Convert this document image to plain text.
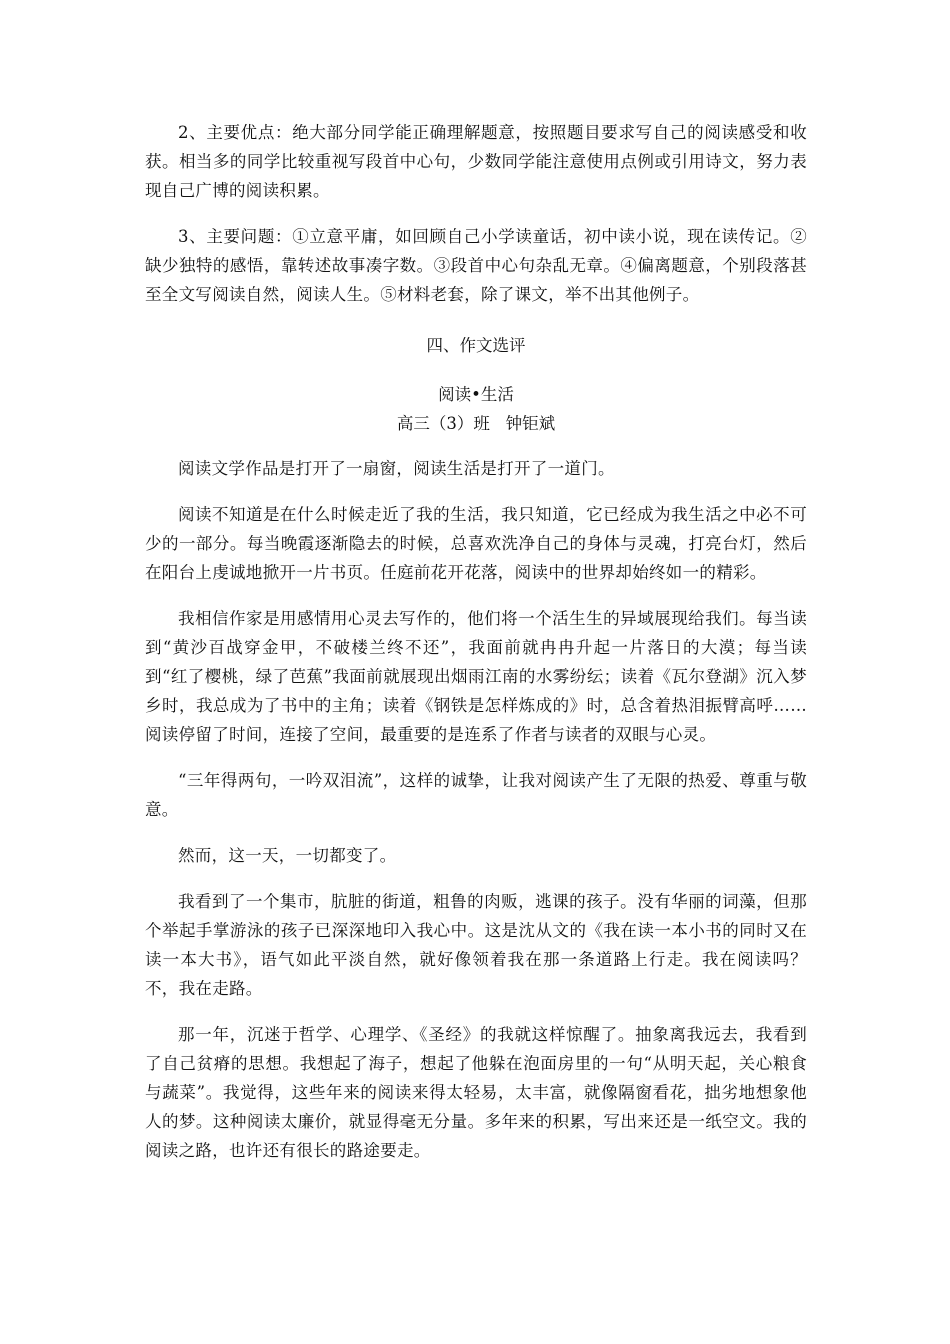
2、主要优点：绝大部分同学能正确理解题意，按照题目要求写自己的阅读感受和收获。相当多的同学比较重视写段首中心句，少数同学能注意使用点例或引用诗文，努力表现自己广博的阅读积累。

3、主要问题：①立意平庸，如回顾自己小学读童话，初中读小说，现在读传记。②缺少独特的感悟，靠转述故事凑字数。③段首中心句杂乱无章。④偏离题意，个别段落甚至全文写阅读自然，阅读人生。⑤材料老套，除了课文，举不出其他例子。

四、作文选评

阅读•生活

高三（3）班   钟钜斌

阅读文学作品是打开了一扇窗，阅读生活是打开了一道门。

阅读不知道是在什么时候走近了我的生活，我只知道，它已经成为我生活之中必不可少的一部分。每当晚霞逐渐隐去的时候，总喜欢洗净自己的身体与灵魂，打亮台灯，然后在阳台上虔诚地掀开一片书页。任庭前花开花落，阅读中的世界却始终如一的精彩。

我相信作家是用感情用心灵去写作的，他们将一个活生生的异域展现给我们。每当读到“黄沙百战穿金甲，不破楼兰终不还”，我面前就冉冉升起一片落日的大漠；每当读到“红了樱桃，绿了芭蕉”我面前就展现出烟雨江南的水雾纷纭；读着《瓦尔登湖》沉入梦乡时，我总成为了书中的主角；读着《钢铁是怎样炼成的》时，总含着热泪振臂高呼……阅读停留了时间，连接了空间，最重要的是连系了作者与读者的双眼与心灵。

“三年得两句，一吟双泪流”，这样的诚挚，让我对阅读产生了无限的热爱、尊重与敬意。

然而，这一天，一切都变了。

我看到了一个集市，肮脏的街道，粗鲁的肉贩，逃课的孩子。没有华丽的词藻，但那个举起手掌游泳的孩子已深深地印入我心中。这是沈从文的《我在读一本小书的同时又在读一本大书》，语气如此平淡自然，就好像领着我在那一条道路上行走。我在阅读吗？不，我在走路。

那一年，沉迷于哲学、心理学、《圣经》的我就这样惊醒了。抽象离我远去，我看到了自己贫瘠的思想。我想起了海子，想起了他躲在泡面房里的一句“从明天起，关心粮食与蔬菜”。我觉得，这些年来的阅读来得太轻易，太丰富，就像隔窗看花，拙劣地想象他人的梦。这种阅读太廉价，就显得毫无分量。多年来的积累，写出来还是一纸空文。我的阅读之路，也许还有很长的路途要走。
